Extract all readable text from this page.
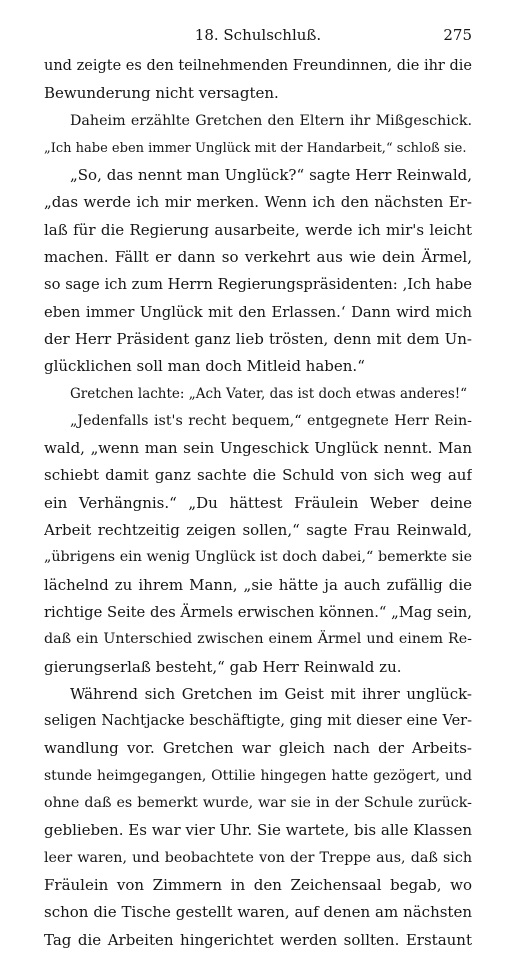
18. Schulschluß.	275
und zeigte es den teilnehmenden Freundinnen, die ihr die
Bewunderung nicht versagten.
Daheim erzählte Gretchen den Eltern ihr Mißgeschick.
„Ich habe eben immer Unglück mit der Handarbeit,“ schloß sie.
„So, das nennt man Unglück?“ sagte Herr Reinwald,
„das werde ich mir merken. Wenn ich den nächsten Er-
laß für die Regierung ausarbeite, werde ich mir's leicht
machen. Fällt er dann so verkehrt aus wie dein Ärmel,
so sage ich zum Herrn Regierungspräsidenten: ‚Ich habe
eben immer Unglück mit den Erlassen.‘ Dann wird mich
der Herr Präsident ganz lieb trösten, denn mit dem Un-
glücklichen soll man doch Mitleid haben.“
Gretchen lachte: „Ach Vater, das ist doch etwas anderes!“
„Jedenfalls ist's recht bequem,“ entgegnete Herr Rein-
wald, „wenn man sein Ungeschick Unglück nennt. Man
schiebt damit ganz sachte die Schuld von sich weg auf
ein Verhängnis.“ „Du hättest Fräulein Weber deine
Arbeit rechtzeitig zeigen sollen,“ sagte Frau Reinwald,
„übrigens ein wenig Unglück ist doch dabei,“ bemerkte sie
lächelnd zu ihrem Mann, „sie hätte ja auch zufällig die
richtige Seite des Ärmels erwischen können.“ „Mag sein,
daß ein Unterschied zwischen einem Ärmel und einem Re-
gierungserlaß besteht,“ gab Herr Reinwald zu.
Während sich Gretchen im Geist mit ihrer unglück-
seligen Nachtjacke beschäftigte, ging mit dieser eine Ver-
wandlung vor. Gretchen war gleich nach der Arbeits-
stunde heimgegangen, Ottilie hingegen hatte gezögert, und
ohne daß es bemerkt wurde, war sie in der Schule zurück-
geblieben. Es war vier Uhr. Sie wartete, bis alle Klassen
leer waren, und beobachtete von der Treppe aus, daß sich
Fräulein von Zimmern in den Zeichensaal begab, wo
schon die Tische gestellt waren, auf denen am nächsten
Tag die Arbeiten hingerichtet werden sollten. Erstaunt
